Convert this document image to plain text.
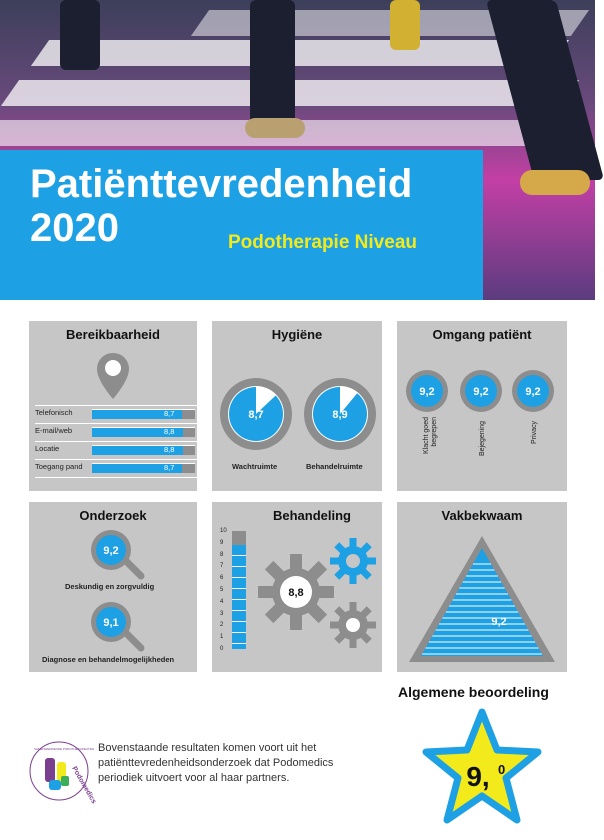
Patiënttevredenheid
2020	Podotherapie Niveau
Bereikbaarheid
Telefonisch	8,7
E-mail/web	8,8
Locatie	8,8
Toegang pand	8,7
Hygiëne
8,7
Wachtruimte
8,9
Behandelruimte
Omgang patiënt
9,2	9,2	9,2
Klacht goed begrepen	Bejegening	Privacy
Onderzoek
9,2
Deskundig en zorgvuldig
9,1
Diagnose en behandelmogelijkheden
Behandeling
10
9
8
7
6
5
4
3
2
1
0
8,8
Vakbekwaam
9,2
Algemene beoordeling
9, 0
Podomedics
SAMENWERKENDE PODOTHERAPEUTEN Bovenstaande resultaten komen voort uit het patiënttevredenheidsonderzoek dat Podomedics periodiek uitvoert voor al haar partners.
